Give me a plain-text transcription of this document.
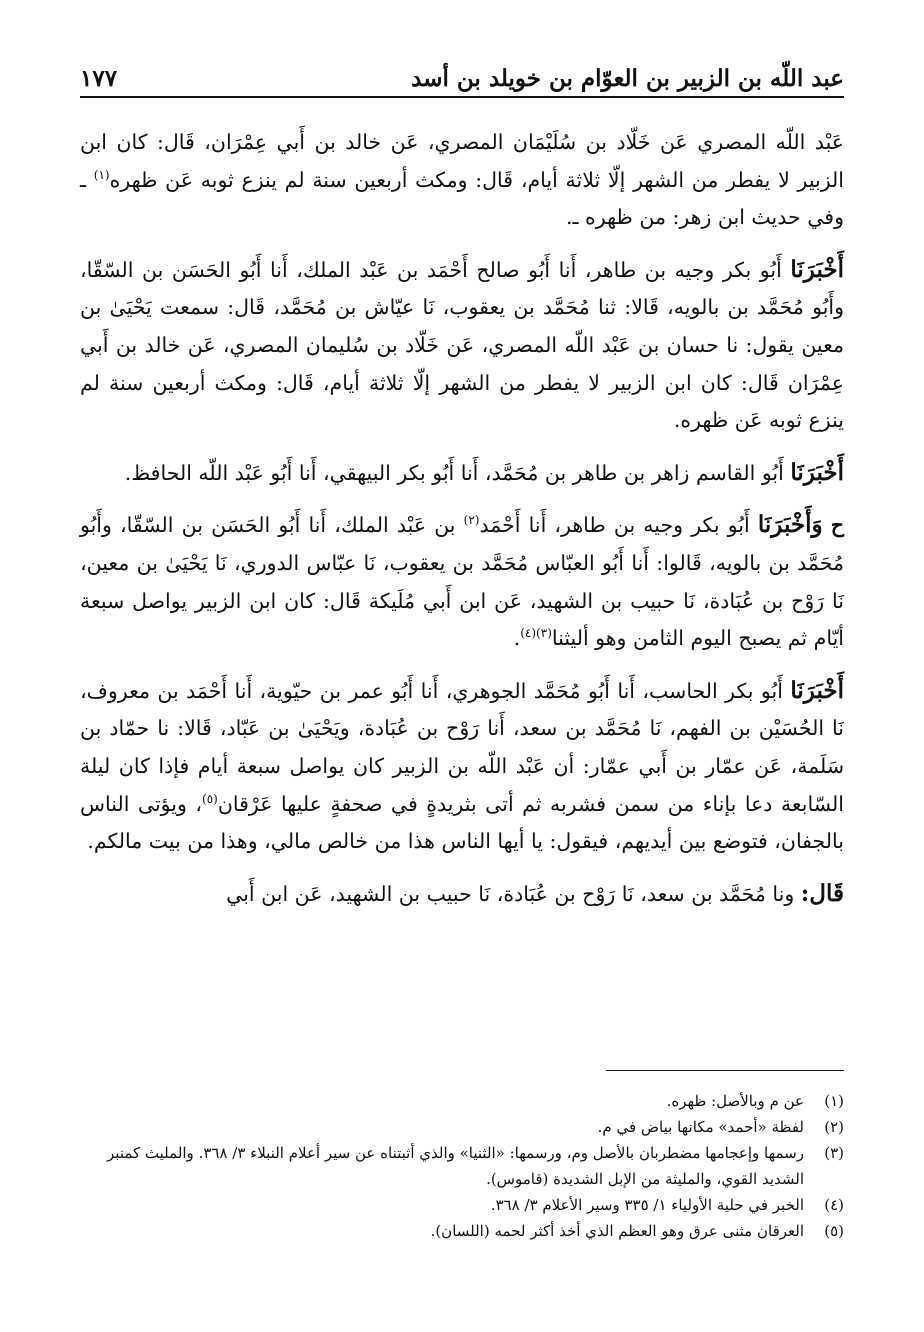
عبد اللّه بن الزبير بن العوّام بن خويلد بن أسد
١٧٧

عَبْد اللّه المصري عَن خَلّاد بن سُلَيْمَان المصري، عَن خالد بن أَبي عِمْرَان، قَال: كان ابن الزبير لا يفطر من الشهر إلّا ثلاثة أيام، قَال: ومكث أربعين سنة لم ينزع ثوبه عَن ظهره$^{(١)}$ ـ وفي حديث ابن زهر: من ظهره ـ.

أَخْبَرَنَا أَبُو بكر وجيه بن طاهر، أَنا أَبُو صالح أَحْمَد بن عَبْد الملك، أَنا أَبُو الحَسَن بن السّقّا، وأَبُو مُحَمَّد بن بالويه، قَالا: ثنا مُحَمَّد بن يعقوب، نَا عيّاش بن مُحَمَّد، قَال: سمعت يَحْيَىٰ بن معين يقول: نا حسان بن عَبْد اللّه المصري، عَن خَلّاد بن سُليمان المصري، عَن خالد بن أَبي عِمْرَان قَال: كان ابن الزبير لا يفطر من الشهر إلّا ثلاثة أيام، قَال: ومكث أربعين سنة لم ينزع ثوبه عَن ظهره.

أَخْبَرَنَا أَبُو القاسم زاهر بن طاهر بن مُحَمَّد، أَنا أَبُو بكر البيهقي، أَنا أَبُو عَبْد اللّه الحافظ.

ح وَأَخْبَرَنَا أَبُو بكر وجيه بن طاهر، أَنا أَحْمَد$^{(٢)}$ بن عَبْد الملك، أَنا أَبُو الحَسَن بن السّقّا، وأَبُو مُحَمَّد بن بالويه، قَالوا: أَنا أَبُو العبّاس مُحَمَّد بن يعقوب، نَا عبّاس الدوري، نَا يَحْيَىٰ بن معين، نَا رَوْح بن عُبَادة، نَا حبيب بن الشهيد، عَن ابن أَبي مُلَيكة قَال: كان ابن الزبير يواصل سبعة أيّام ثم يصبح اليوم الثامن وهو أليثنا$^{(٣)(٤)}$.

أَخْبَرَنَا أَبُو بكر الحاسب، أَنا أَبُو مُحَمَّد الجوهري، أَنا أَبُو عمر بن حيّوية، أَنا أَحْمَد بن معروف، نَا الحُسَيْن بن الفهم، نَا مُحَمَّد بن سعد، أَنا رَوْح بن عُبَادة، ويَحْيَىٰ بن عَبّاد، قَالا: نا حمّاد بن سَلَمة، عَن عمّار بن أَبي عمّار: أن عَبْد اللّه بن الزبير كان يواصل سبعة أيام فإذا كان ليلة السّابعة دعا بإناء من سمن فشربه ثم أتى بثريدةٍ في صحفةٍ عليها عَرْقان$^{(٥)}$، ويؤتى الناس بالجفان، فتوضع بين أيديهم، فيقول: يا أيها الناس هذا من خالص مالي، وهذا من بيت مالكم.

قَال: ونا مُحَمَّد بن سعد، نَا رَوْح بن عُبَادة، نَا حبيب بن الشهيد، عَن ابن أَبي

(١)
عن م وبالأصل: ظهره.
(٢)
لفظة «أحمد» مكانها بياض في م.
(٣)
رسمها وإعجامها مضطربان بالأصل وم، ورسمها: «الثنيا» والذي أثبتناه عن سير أعلام النبلاء ٣/ ٣٦٨. والمليث كمنبر الشديد القوي، والمليثة من الإبل الشديدة (قاموس).
(٤)
الخبر في حلية الأولياء ١/ ٣٣٥ وسير الأعلام ٣/ ٣٦٨.
(٥)
العرقان مثنى عرق وهو العظم الذي أخذ أكثر لحمه (اللسان).
